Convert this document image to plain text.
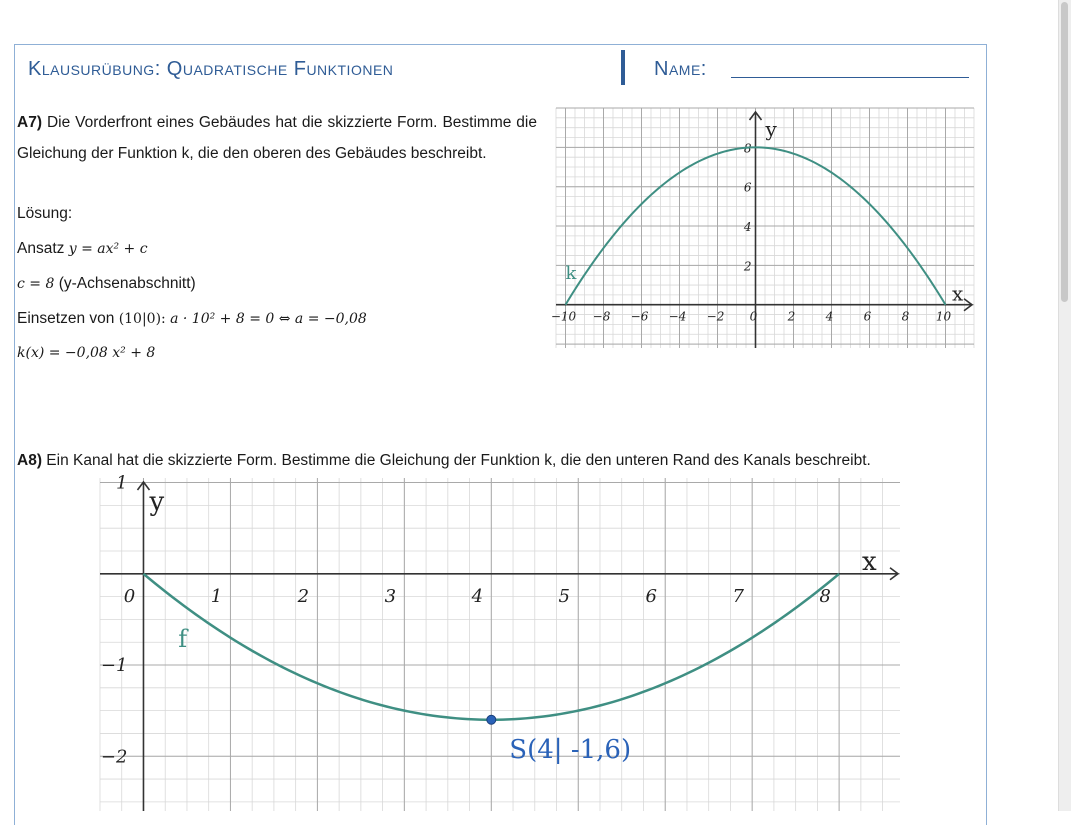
Klausurübung: Quadratische Funktionen	Name:
A7) Die Vorderfront eines Gebäudes hat die skizzierte Form. Bestimme die Gleichung der Funktion k, die den oberen des Gebäudes beschreibt.
Lösung:
Ansatz y = ax² + c
c = 8 (y-Achsenabschnitt)
Einsetzen von (10|0): a · 10² + 8 = 0 ⇔ a = −0,08
k(x) = −0,08 x² + 8
−10 −8 −6 −4 −2 0	2	4	6	8 10
2
4
6
8
x
y
k
A8) Ein Kanal hat die skizzierte Form. Bestimme die Gleichung der Funktion k, die den unteren Rand des Kanals beschreibt.
0	1	2	3	4	5	6	7	8
1
−1
−2
x
y
f
S(4| -1,6)
